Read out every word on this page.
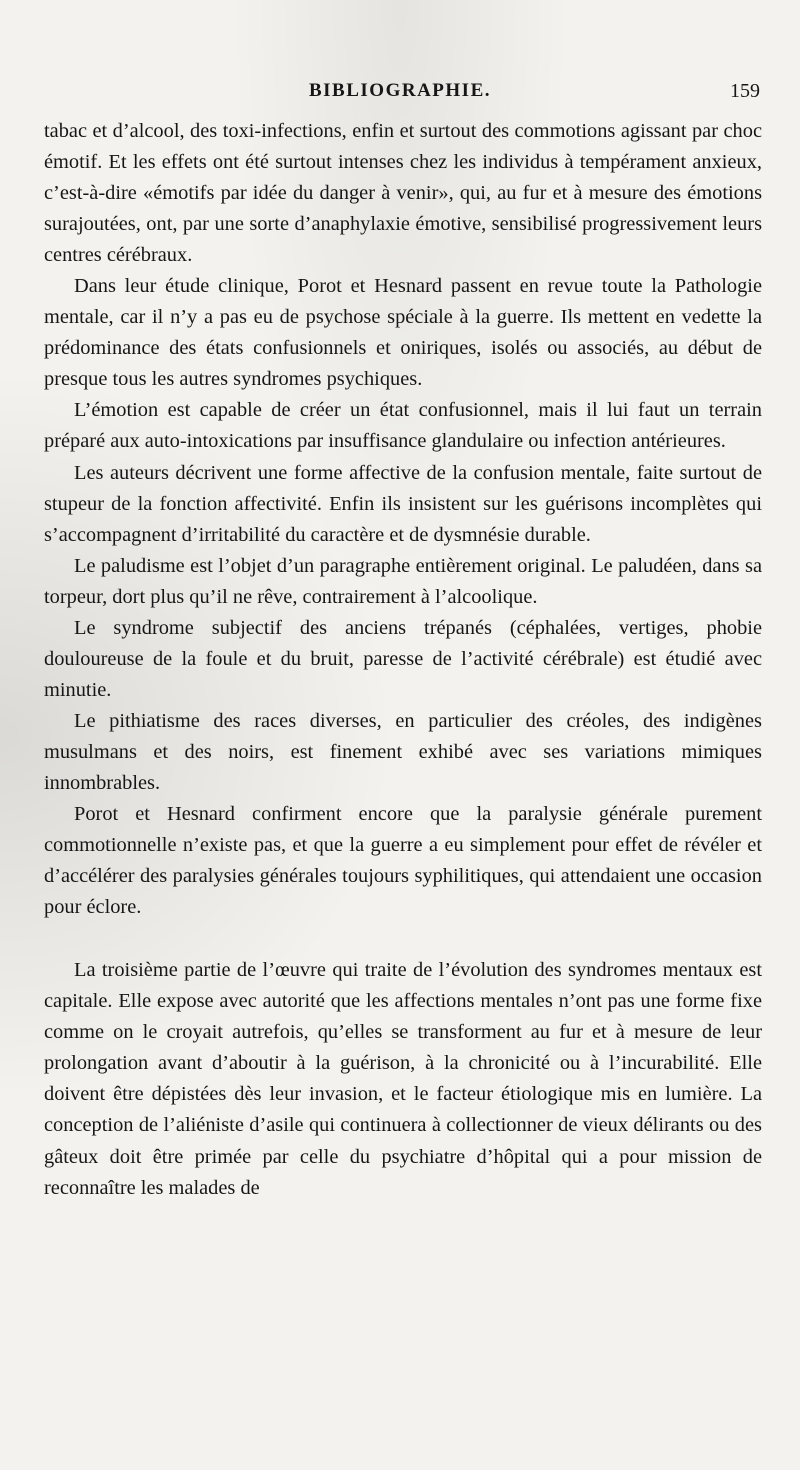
BIBLIOGRAPHIE.	159

tabac et d’alcool, des toxi-infections, enfin et surtout des commotions agissant par choc émotif. Et les effets ont été surtout intenses chez les individus à tempérament anxieux, c’est-à-dire «émotifs par idée du danger à venir», qui, au fur et à mesure des émotions surajoutées, ont, par une sorte d’anaphylaxie émotive, sensibilisé progressivement leurs centres cérébraux.

Dans leur étude clinique, Porot et Hesnard passent en revue toute la Pathologie mentale, car il n’y a pas eu de psychose spéciale à la guerre. Ils mettent en vedette la prédominance des états confusionnels et oniriques, isolés ou associés, au début de presque tous les autres syndromes psychiques.

L’émotion est capable de créer un état confusionnel, mais il lui faut un terrain préparé aux auto-intoxications par insuffisance glandulaire ou infection antérieures.

Les auteurs décrivent une forme affective de la confusion mentale, faite surtout de stupeur de la fonction affectivité. Enfin ils insistent sur les guérisons incomplètes qui s’accompagnent d’irritabilité du caractère et de dysmnésie durable.

Le paludisme est l’objet d’un paragraphe entièrement original. Le paludéen, dans sa torpeur, dort plus qu’il ne rêve, contrairement à l’alcoolique.

Le syndrome subjectif des anciens trépanés (céphalées, vertiges, phobie douloureuse de la foule et du bruit, paresse de l’activité cérébrale) est étudié avec minutie.

Le pithiatisme des races diverses, en particulier des créoles, des indigènes musulmans et des noirs, est finement exhibé avec ses variations mimiques innombrables.

Porot et Hesnard confirment encore que la paralysie générale purement commotionnelle n’existe pas, et que la guerre a eu simplement pour effet de révéler et d’accélérer des paralysies générales toujours syphilitiques, qui attendaient une occasion pour éclore.

La troisième partie de l’œuvre qui traite de l’évolution des syndromes mentaux est capitale. Elle expose avec autorité que les affections mentales n’ont pas une forme fixe comme on le croyait autrefois, qu’elles se transforment au fur et à mesure de leur prolongation avant d’aboutir à la guérison, à la chronicité ou à l’incurabilité. Elle doivent être dépistées dès leur invasion, et le facteur étiologique mis en lumière. La conception de l’aliéniste d’asile qui continuera à collectionner de vieux délirants ou des gâteux doit être primée par celle du psychiatre d’hôpital qui a pour mission de reconnaître les malades de
